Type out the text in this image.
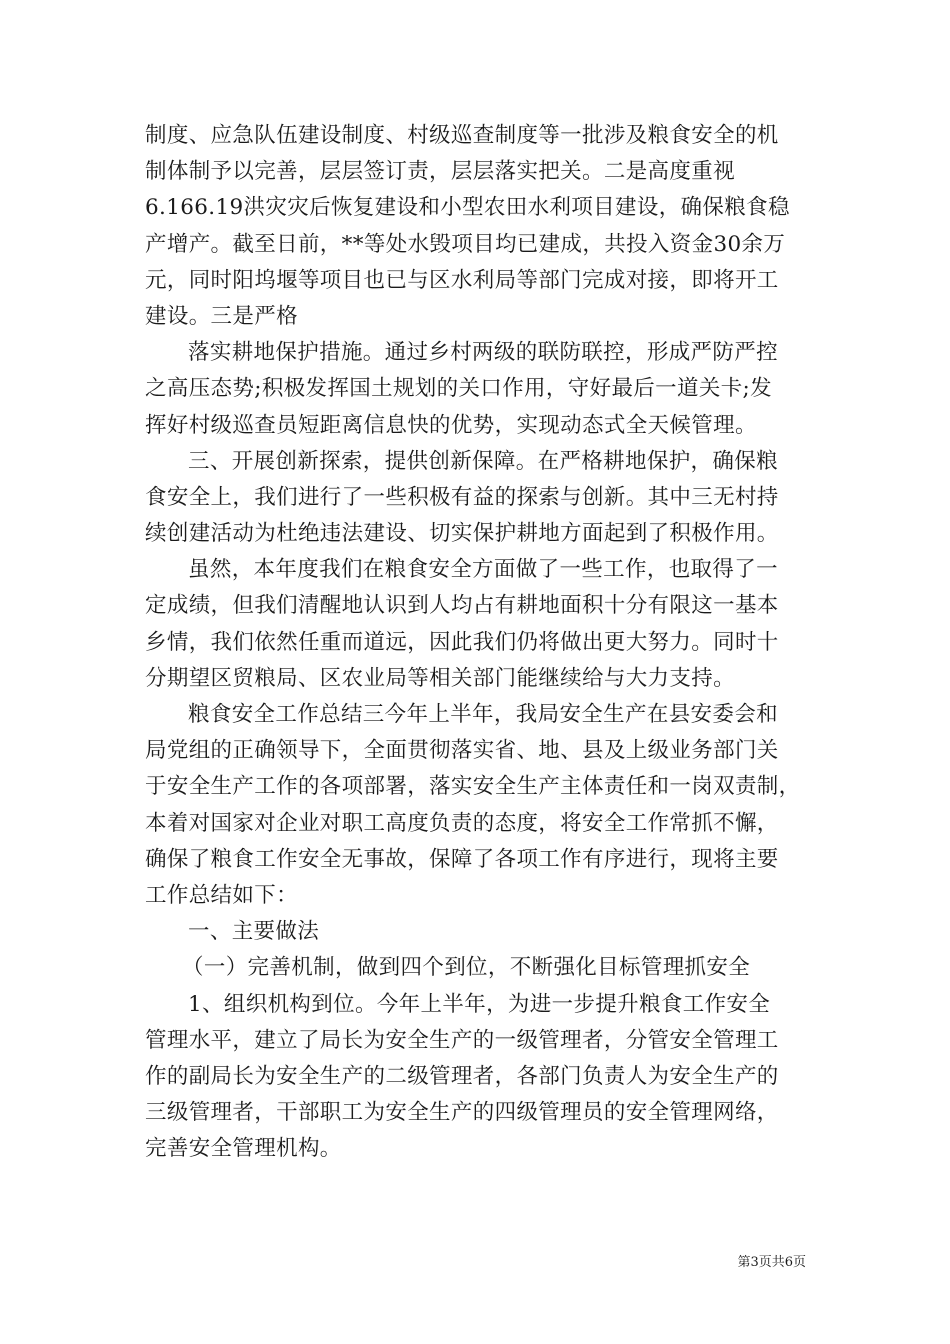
制度、应急队伍建设制度、村级巡查制度等一批涉及粮食安全的机
制体制予以完善，层层签订责，层层落实把关。二是高度重视
6.166.19洪灾灾后恢复建设和小型农田水利项目建设，确保粮食稳
产增产。截至日前，**等处水毁项目均已建成，共投入资金30余万
元，同时阳坞堰等项目也已与区水利局等部门完成对接，即将开工
建设。三是严格
落实耕地保护措施。通过乡村两级的联防联控，形成严防严控
之高压态势;积极发挥国土规划的关口作用，守好最后一道关卡;发
挥好村级巡查员短距离信息快的优势，实现动态式全天候管理。
三、开展创新探索，提供创新保障。在严格耕地保护，确保粮
食安全上，我们进行了一些积极有益的探索与创新。其中三无村持
续创建活动为杜绝违法建设、切实保护耕地方面起到了积极作用。
虽然，本年度我们在粮食安全方面做了一些工作，也取得了一
定成绩，但我们清醒地认识到人均占有耕地面积十分有限这一基本
乡情，我们依然任重而道远，因此我们仍将做出更大努力。同时十
分期望区贸粮局、区农业局等相关部门能继续给与大力支持。
粮食安全工作总结三今年上半年，我局安全生产在县安委会和
局党组的正确领导下，全面贯彻落实省、地、县及上级业务部门关
于安全生产工作的各项部署，落实安全生产主体责任和一岗双责制，
本着对国家对企业对职工高度负责的态度，将安全工作常抓不懈，
确保了粮食工作安全无事故，保障了各项工作有序进行，现将主要
工作总结如下：
一、主要做法
（一）完善机制，做到四个到位，不断强化目标管理抓安全
1、组织机构到位。今年上半年，为进一步提升粮食工作安全
管理水平，建立了局长为安全生产的一级管理者，分管安全管理工
作的副局长为安全生产的二级管理者，各部门负责人为安全生产的
三级管理者，干部职工为安全生产的四级管理员的安全管理网络，
完善安全管理机构。
第3页共6页
